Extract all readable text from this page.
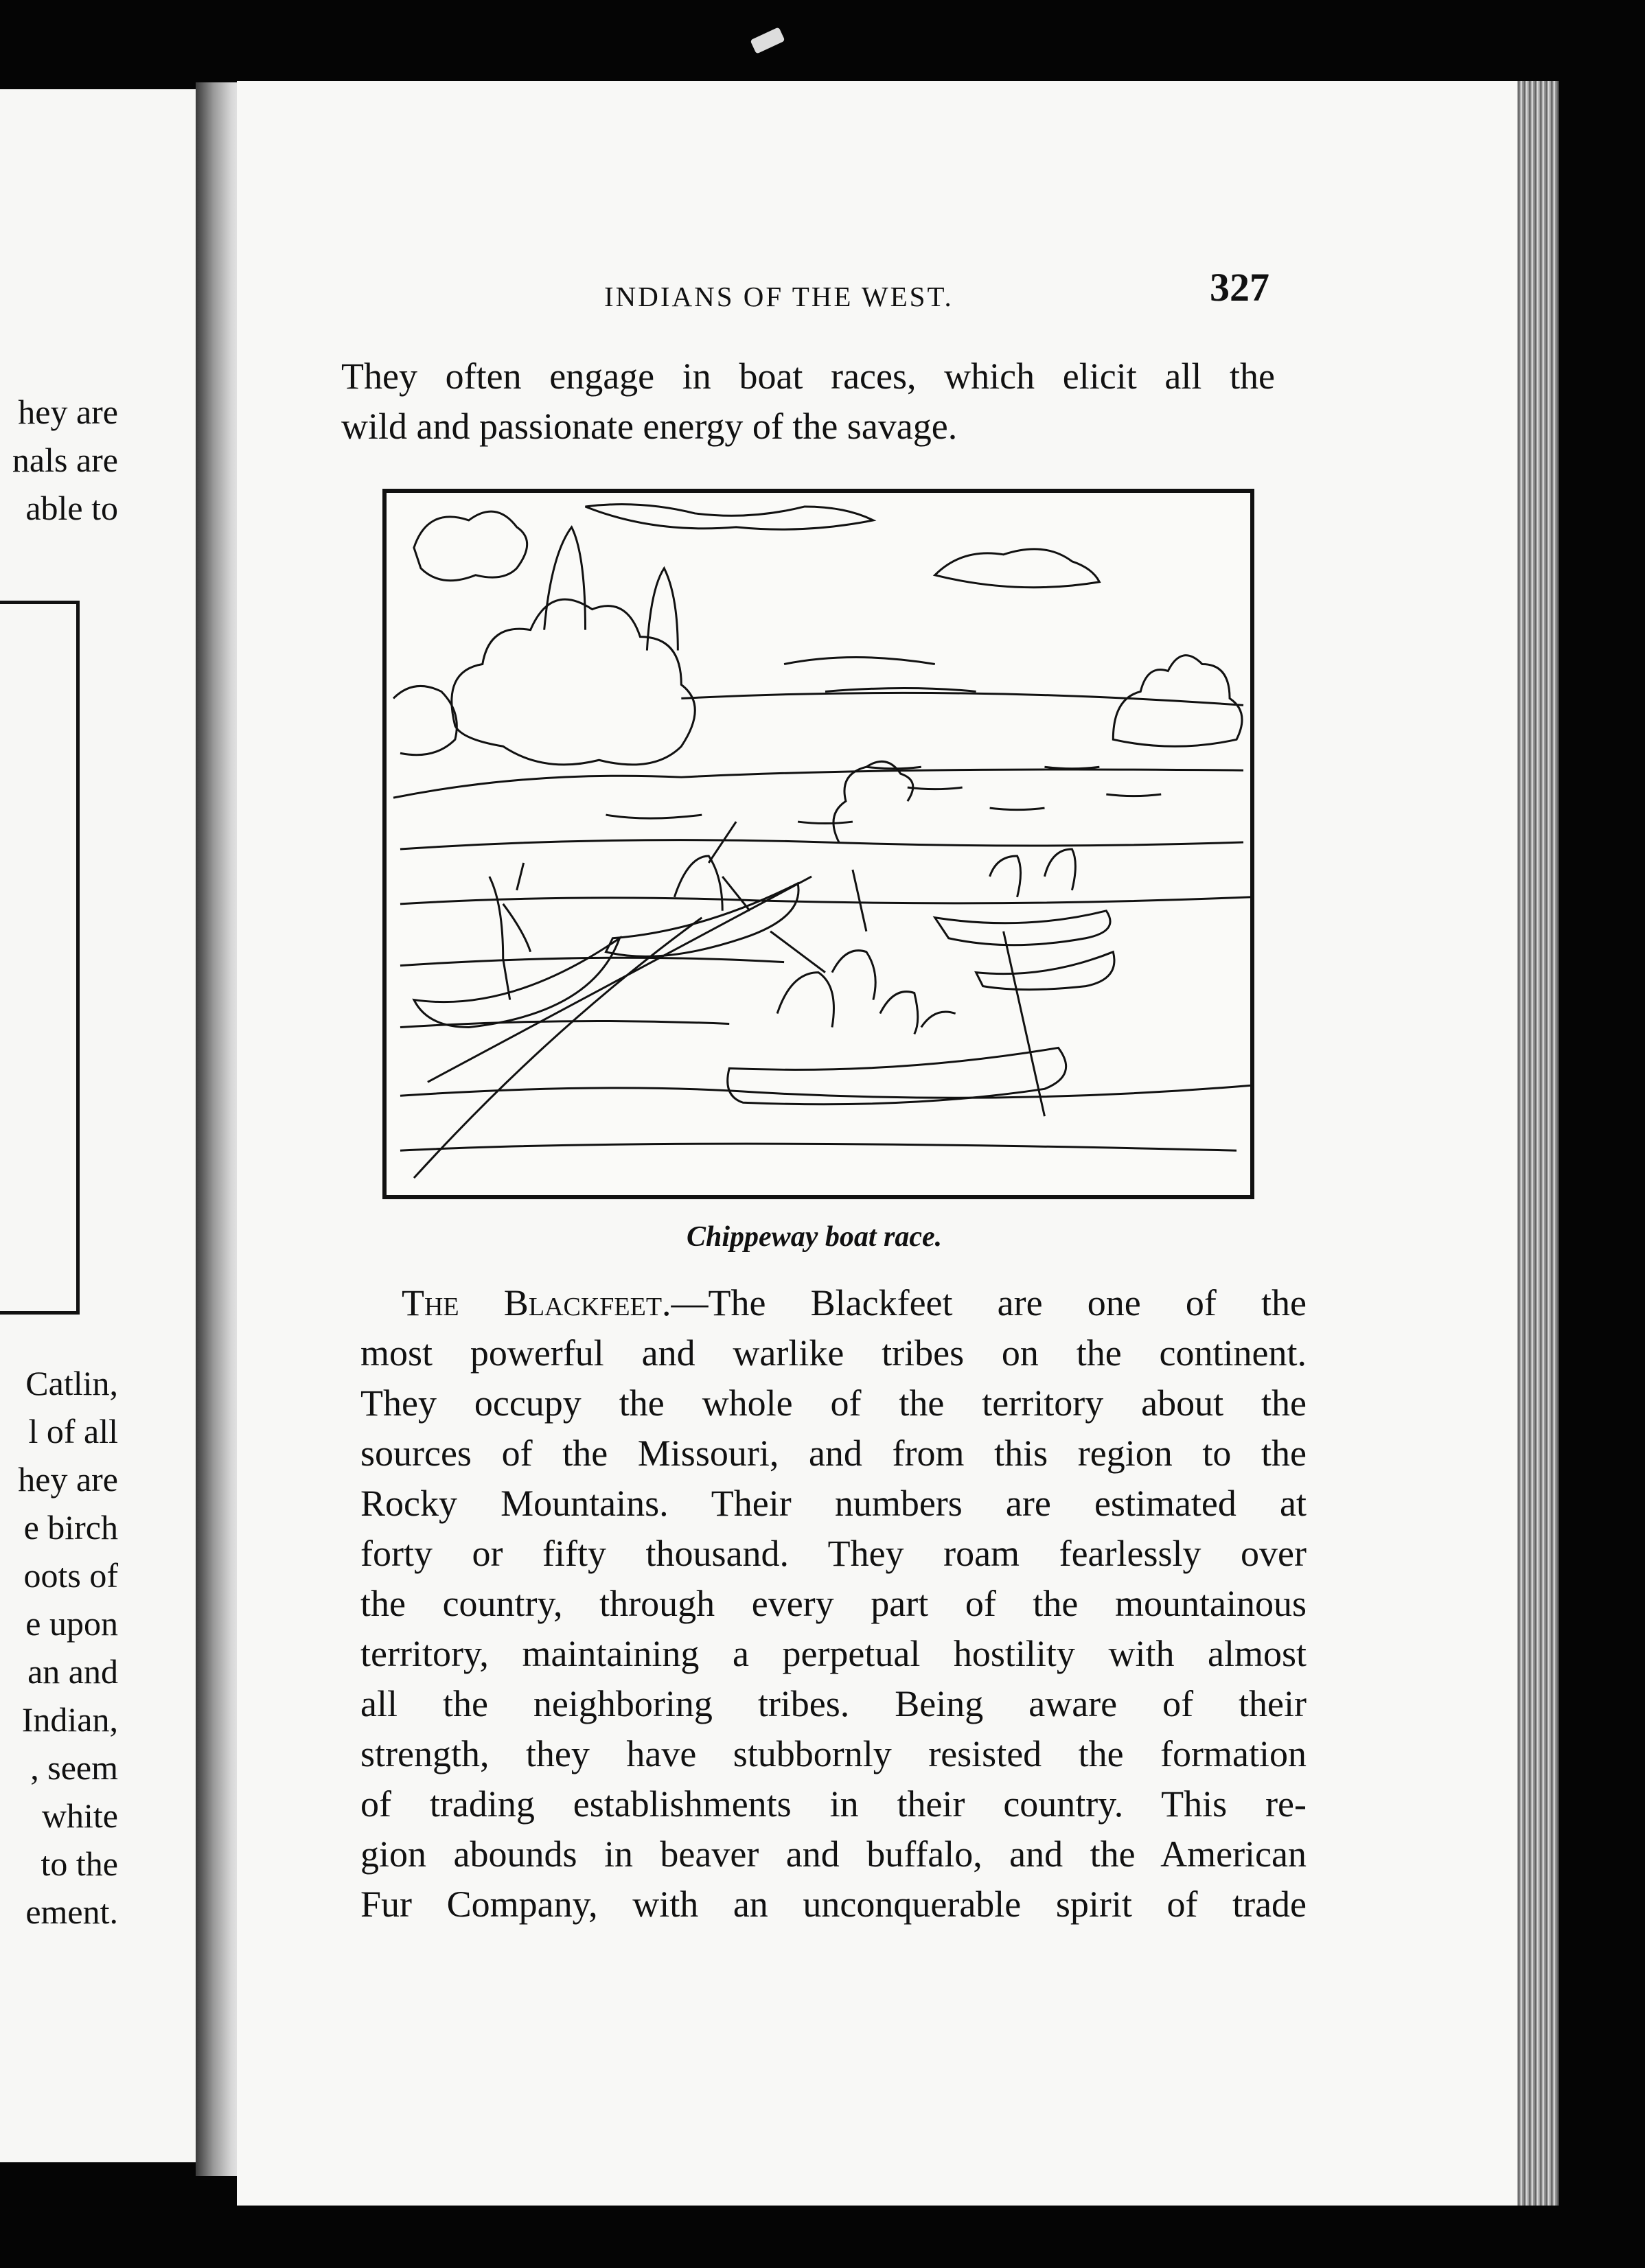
hey are
nals are
able to
Catlin,
l of all
hey are
e birch
oots of
e upon
an and
Indian,
, seem
white
to the
ement.
INDIANS OF THE WEST.	327
They often engage in boat races, which elicit all the
wild and passionate energy of the savage.
Chippeway boat race.
The Blackfeet.—The Blackfeet are one of the
most powerful and warlike tribes on the continent.
They occupy the whole of the territory about the
sources of the Missouri, and from this region to the
Rocky Mountains. Their numbers are estimated at
forty or fifty thousand. They roam fearlessly over
the country, through every part of the mountainous
territory, maintaining a perpetual hostility with almost
all the neighboring tribes. Being aware of their
strength, they have stubbornly resisted the formation
of trading establishments in their country. This re-
gion abounds in beaver and buffalo, and the American
Fur Company, with an unconquerable spirit of trade
